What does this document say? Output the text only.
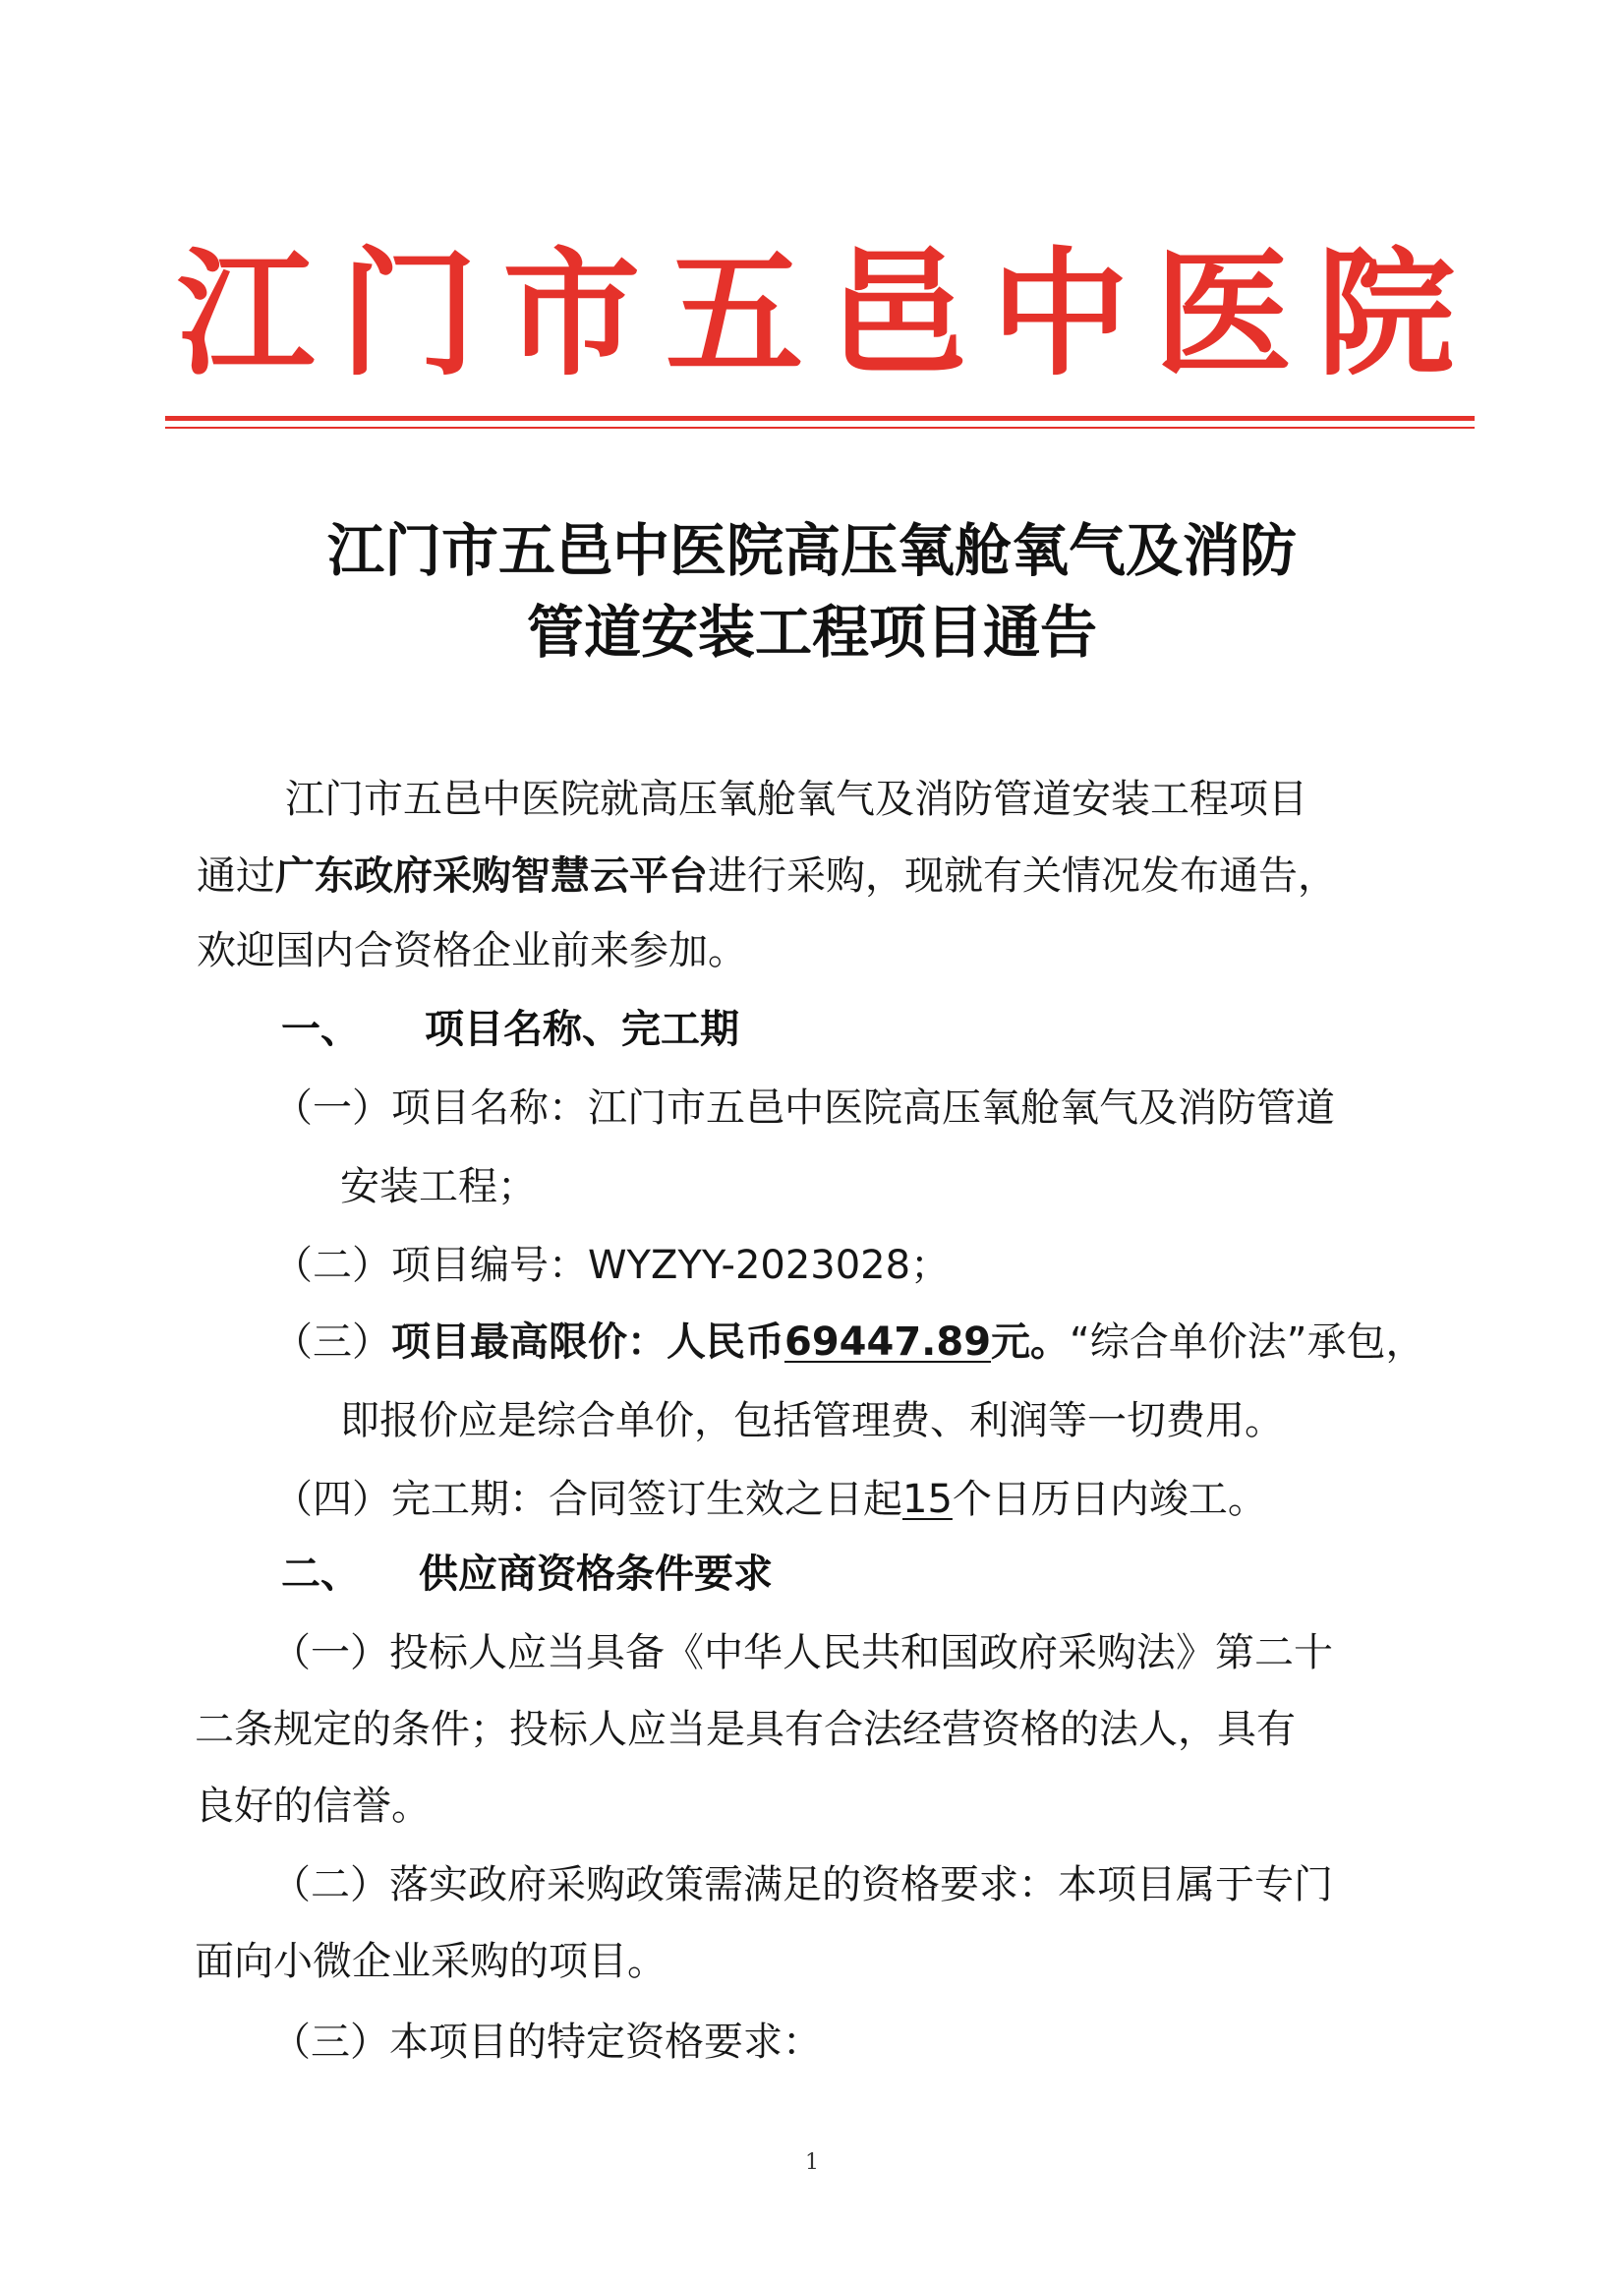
江 门 市 五 邑 中 医 院
江门市五邑中医院高压氧舱氧气及消防
管道安装工程项目通告
江门市五邑中医院就高压氧舱氧气及消防管道安装工程项目
通过广东政府采购智慧云平台进行采购，现就有关情况发布通告，
欢迎国内合资格企业前来参加。
一、 项目名称、完工期
（一）项目名称：江门市五邑中医院高压氧舱氧气及消防管道
安装工程；
（二）项目编号：WYZYY-2023028；
（三）项目最高限价：人民币69447.89元。“综合单价法”承包，
即报价应是综合单价，包括管理费、利润等一切费用。
（四）完工期：合同签订生效之日起15个日历日内竣工。
二、 供应商资格条件要求
（一）投标人应当具备《中华人民共和国政府采购法》第二十
二条规定的条件；投标人应当是具有合法经营资格的法人，具有
良好的信誉。
（二）落实政府采购政策需满足的资格要求：本项目属于专门
面向小微企业采购的项目。
（三）本项目的特定资格要求：
1
